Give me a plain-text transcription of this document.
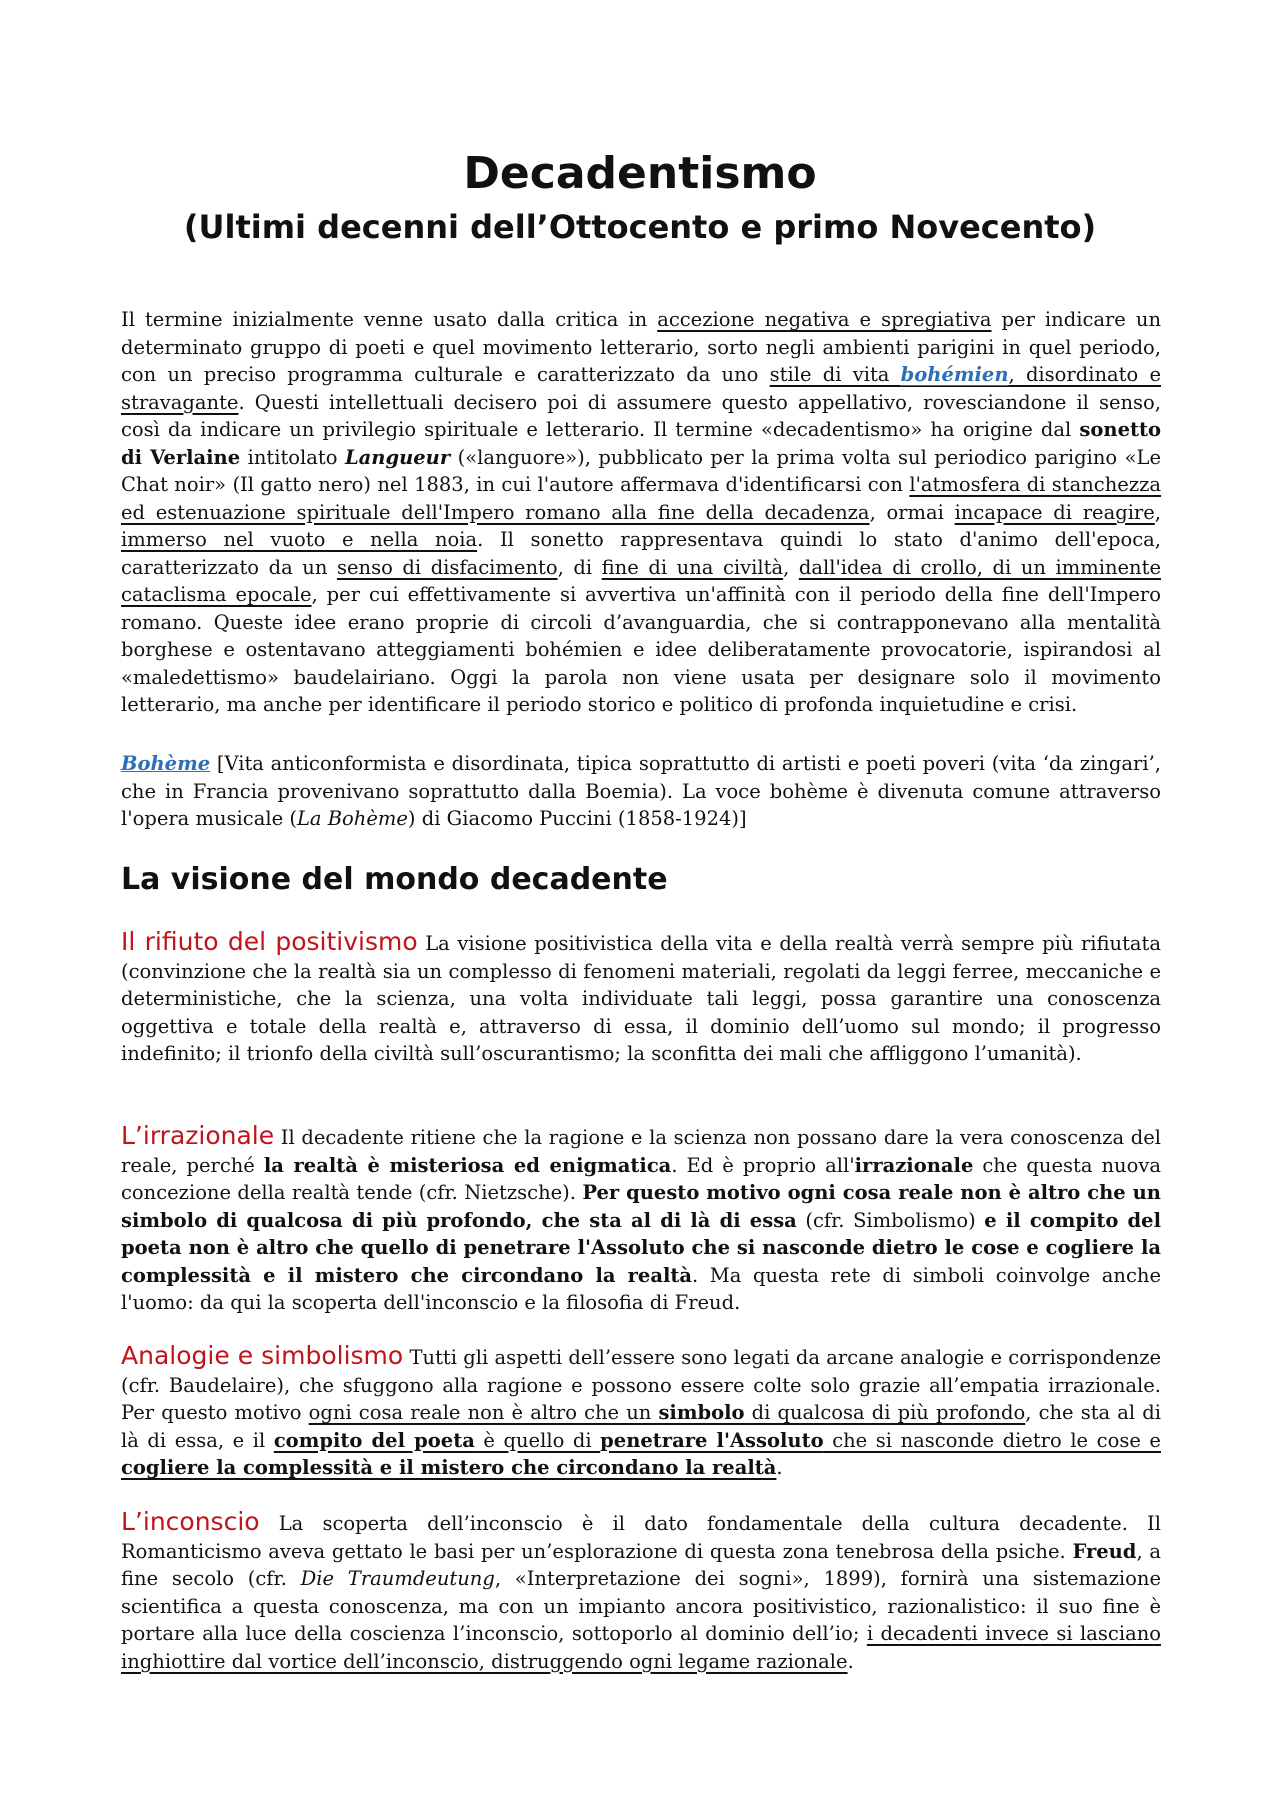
Decadentismo
(Ultimi decenni dell’Ottocento e primo Novecento)

Il termine inizialmente venne usato dalla critica in accezione negativa e spregiativa per indicare un determinato gruppo di poeti e quel movimento letterario, sorto negli ambienti parigini in quel periodo, con un preciso programma culturale e caratterizzato da uno stile di vita bohémien, disordinato e stravagante. Questi intellettuali decisero poi di assumere questo appellativo, rovesciandone il senso, così da indicare un privilegio spirituale e letterario. Il termine «decadentismo» ha origine dal sonetto di Verlaine intitolato Langueur («languore»), pubblicato per la prima volta sul periodico parigino «Le Chat noir» (Il gatto nero) nel 1883, in cui l'autore affermava d'identificarsi con l'atmosfera di stanchezza ed estenuazione spirituale dell'Impero romano alla fine della decadenza, ormai incapace di reagire, immerso nel vuoto e nella noia. Il sonetto rappresentava quindi lo stato d'animo dell'epoca, caratterizzato da un senso di disfacimento, di fine di una civiltà, dall'idea di crollo, di un imminente cataclisma epocale, per cui effettivamente si avvertiva un'affinità con il periodo della fine dell'Impero romano. Queste idee erano proprie di circoli d’avanguardia, che si contrapponevano alla mentalità borghese e ostentavano atteggiamenti bohémien e idee deliberatamente provocatorie, ispirandosi al «maledettismo» baudelairiano. Oggi la parola non viene usata per designare solo il movimento letterario, ma anche per identificare il periodo storico e politico di profonda inquietudine e crisi.

Bohème [Vita anticonformista e disordinata, tipica soprattutto di artisti e poeti poveri (vita ‘da zingari’, che in Francia provenivano soprattutto dalla Boemia). La voce bohème è divenuta comune attraverso l'opera musicale (La Bohème) di Giacomo Puccini (1858-1924)]

La visione del mondo decadente

Il rifiuto del positivismo La visione positivistica della vita e della realtà verrà sempre più rifiutata (convinzione che la realtà sia un complesso di fenomeni materiali, regolati da leggi ferree, meccaniche e deterministiche, che la scienza, una volta individuate tali leggi, possa garantire una conoscenza oggettiva e totale della realtà e, attraverso di essa, il dominio dell’uomo sul mondo; il progresso indefinito; il trionfo della civiltà sull’oscurantismo; la sconfitta dei mali che affliggono l’umanità).

L’irrazionale Il decadente ritiene che la ragione e la scienza non possano dare la vera conoscenza del reale, perché la realtà è misteriosa ed enigmatica. Ed è proprio all'irrazionale che questa nuova concezione della realtà tende (cfr. Nietzsche). Per questo motivo ogni cosa reale non è altro che un simbolo di qualcosa di più profondo, che sta al di là di essa (cfr. Simbolismo) e il compito del poeta non è altro che quello di penetrare l'Assoluto che si nasconde dietro le cose e cogliere la complessità e il mistero che circondano la realtà. Ma questa rete di simboli coinvolge anche l'uomo: da qui la scoperta dell'inconscio e la filosofia di Freud.

Analogie e simbolismo Tutti gli aspetti dell’essere sono legati da arcane analogie e corrispondenze (cfr. Baudelaire), che sfuggono alla ragione e possono essere colte solo grazie all’empatia irrazionale. Per questo motivo ogni cosa reale non è altro che un simbolo di qualcosa di più profondo, che sta al di là di essa, e il compito del poeta è quello di penetrare l'Assoluto che si nasconde dietro le cose e cogliere la complessità e il mistero che circondano la realtà.

L’inconscio La scoperta dell’inconscio è il dato fondamentale della cultura decadente. Il Romanticismo aveva gettato le basi per un’esplorazione di questa zona tenebrosa della psiche. Freud, a fine secolo (cfr. Die Traumdeutung, «Interpretazione dei sogni», 1899), fornirà una sistemazione scientifica a questa conoscenza, ma con un impianto ancora positivistico, razionalistico: il suo fine è portare alla luce della coscienza l’inconscio, sottoporlo al dominio dell’io; i decadenti invece si lasciano inghiottire dal vortice dell’inconscio, distruggendo ogni legame razionale.
